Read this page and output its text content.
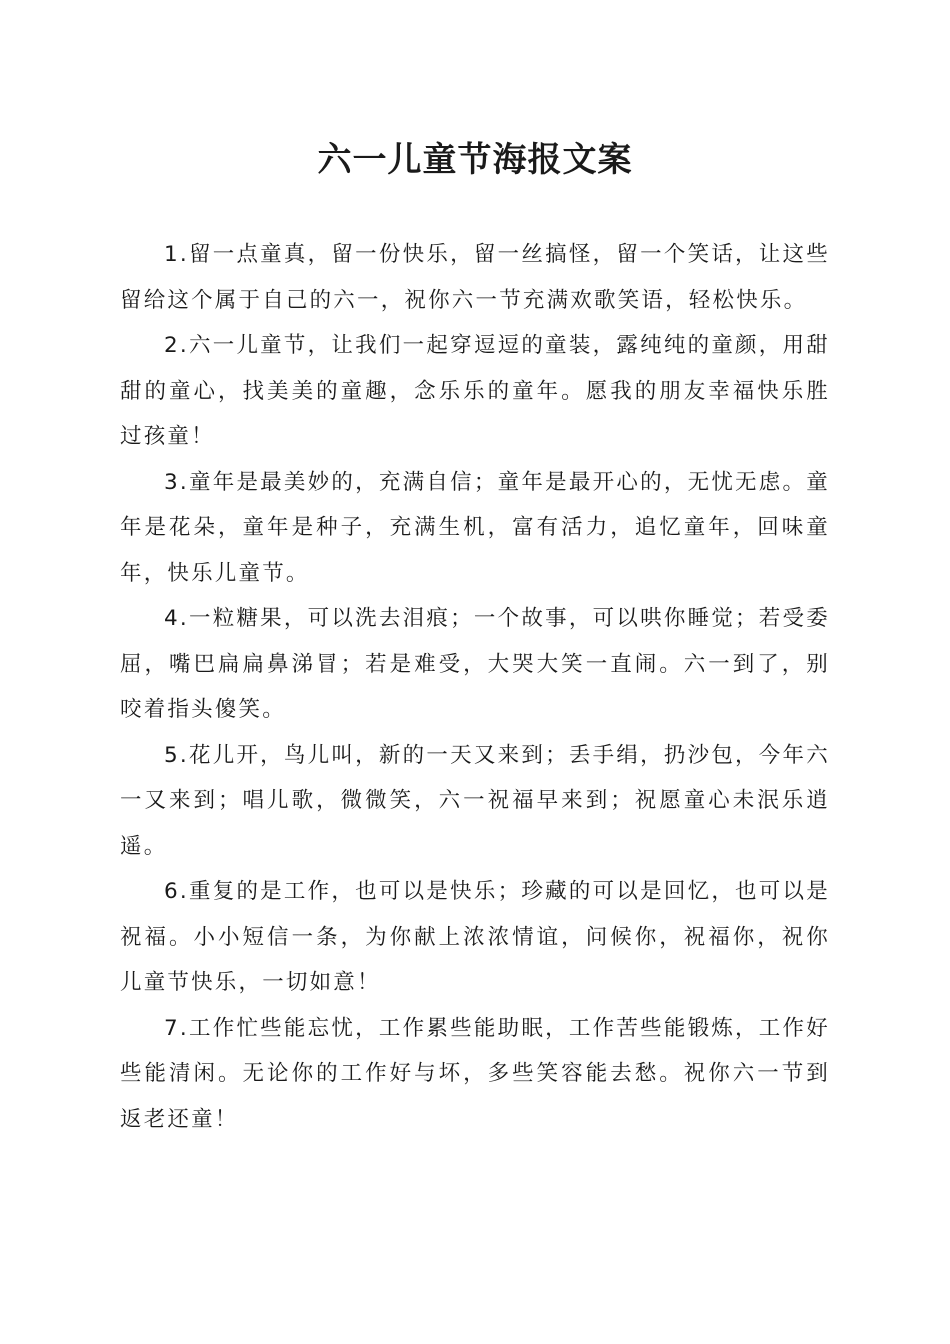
六一儿童节海报文案

1.留一点童真，留一份快乐，留一丝搞怪，留一个笑话，让这些留给这个属于自己的六一，祝你六一节充满欢歌笑语，轻松快乐。

2.六一儿童节，让我们一起穿逗逗的童装，露纯纯的童颜，用甜甜的童心，找美美的童趣，念乐乐的童年。愿我的朋友幸福快乐胜过孩童！

3.童年是最美妙的，充满自信；童年是最开心的，无忧无虑。童年是花朵，童年是种子，充满生机，富有活力，追忆童年，回味童年，快乐儿童节。

4.一粒糖果，可以洗去泪痕；一个故事，可以哄你睡觉；若受委屈，嘴巴扁扁鼻涕冒；若是难受，大哭大笑一直闹。六一到了，别咬着指头傻笑。

5.花儿开，鸟儿叫，新的一天又来到；丢手绢，扔沙包，今年六一又来到；唱儿歌，微微笑，六一祝福早来到；祝愿童心未泯乐逍遥。

6.重复的是工作，也可以是快乐；珍藏的可以是回忆，也可以是祝福。小小短信一条，为你献上浓浓情谊，问候你，祝福你，祝你儿童节快乐，一切如意！

7.工作忙些能忘忧，工作累些能助眠，工作苦些能锻炼，工作好些能清闲。无论你的工作好与坏，多些笑容能去愁。祝你六一节到返老还童！
